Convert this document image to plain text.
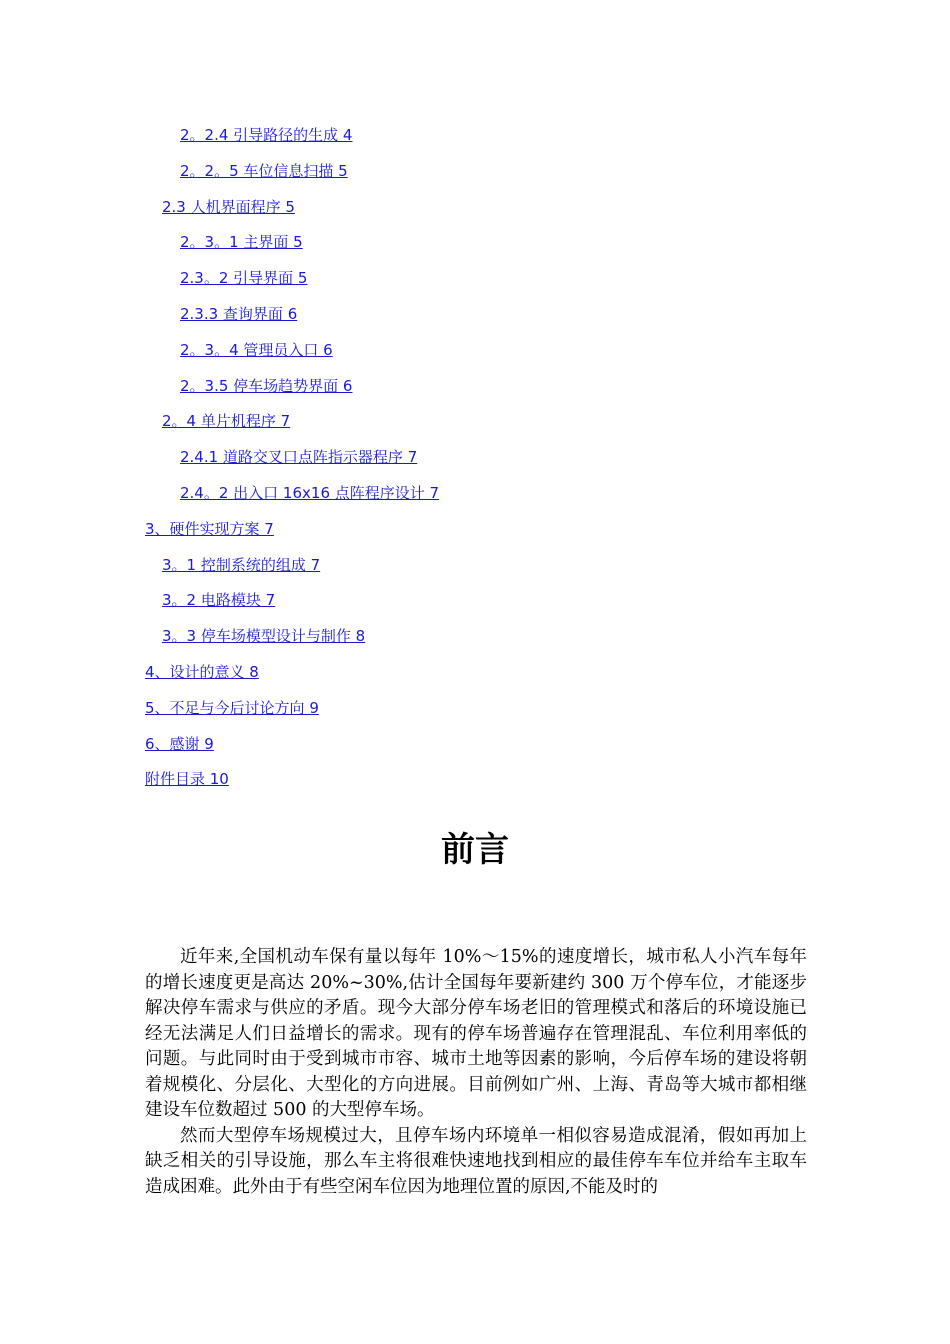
2。2.4 引导路径的生成 4
2。2。5 车位信息扫描 5
2.3 人机界面程序 5
2。3。1 主界面 5
2.3。2 引导界面 5
2.3.3 查询界面 6
2。3。4 管理员入口 6
2。3.5 停车场趋势界面 6
2。4 单片机程序 7
2.4.1 道路交叉口点阵指示器程序 7
2.4。2 出入口 16x16 点阵程序设计 7
3、硬件实现方案 7
3。1 控制系统的组成 7
3。2 电路模块 7
3。3 停车场模型设计与制作 8
4、设计的意义 8
5、不足与今后讨论方向 9
6、感谢 9
附件目录 10
前言

近年来,全国机动车保有量以每年 10%～15%的速度增长，城市私人小汽车每年的增长速度更是高达 20%~30%,估计全国每年要新建约 300 万个停车位，才能逐步解决停车需求与供应的矛盾。现今大部分停车场老旧的管理模式和落后的环境设施已经无法满足人们日益增长的需求。现有的停车场普遍存在管理混乱、车位利用率低的问题。与此同时由于受到城市市容、城市土地等因素的影响，今后停车场的建设将朝着规模化、分层化、大型化的方向进展。目前例如广州、上海、青岛等大城市都相继建设车位数超过 500 的大型停车场。

然而大型停车场规模过大，且停车场内环境单一相似容易造成混淆，假如再加上缺乏相关的引导设施，那么车主将很难快速地找到相应的最佳停车车位并给车主取车造成困难。此外由于有些空闲车位因为地理位置的原因,不能及时的
